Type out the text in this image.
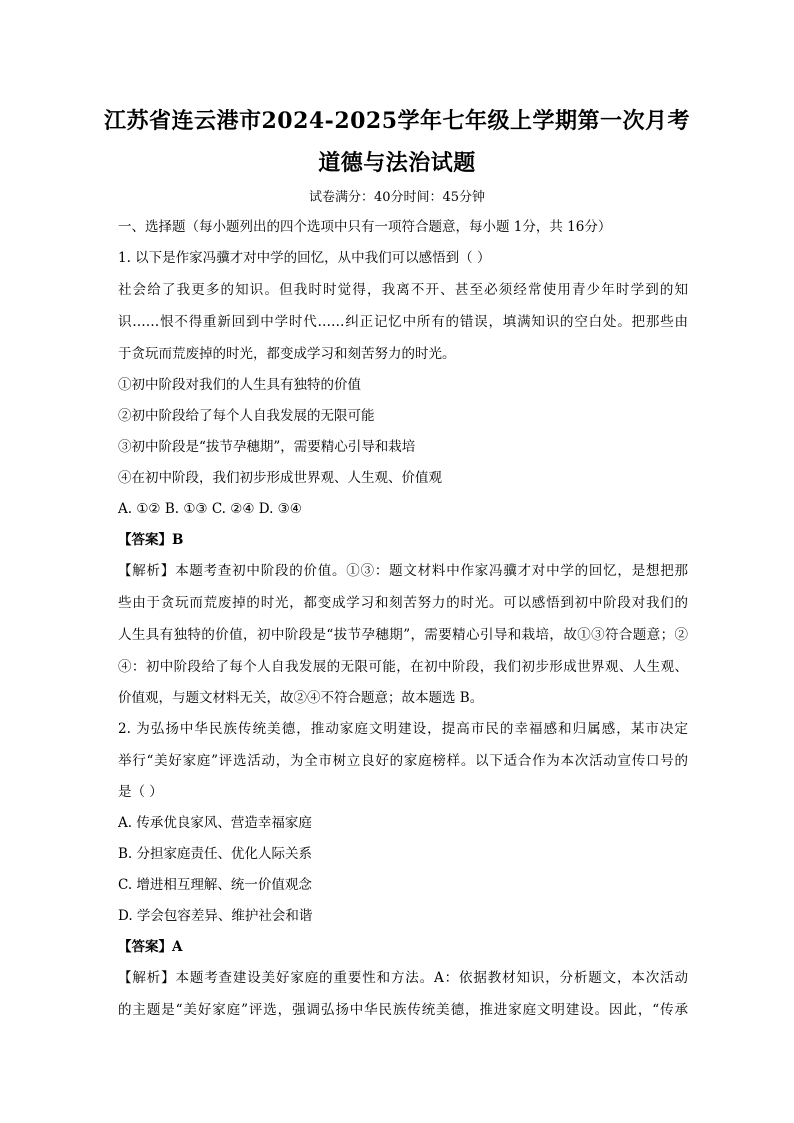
江苏省连云港市2024-2025学年七年级上学期第一次月考
道德与法治试题
试卷满分：40分时间：45分钟
一、选择题（每小题列出的四个选项中只有一项符合题意，每小题 1分，共 16分）
1. 以下是作家冯骥才对中学的回忆，从中我们可以感悟到（ ）
社会给了我更多的知识。但我时时觉得，我离不开、甚至必须经常使用青少年时学到的知
识……恨不得重新回到中学时代……纠正记忆中所有的错误，填满知识的空白处。把那些由
于贪玩而荒废掉的时光，都变成学习和刻苦努力的时光。
①初中阶段对我们的人生具有独特的价值
②初中阶段给了每个人自我发展的无限可能
③初中阶段是“拔节孕穗期”，需要精心引导和栽培
④在初中阶段，我们初步形成世界观、人生观、价值观
A. ①② B. ①③ C. ②④ D. ③④
【答案】B
【解析】本题考查初中阶段的价值。①③：题文材料中作家冯骥才对中学的回忆，是想把那
些由于贪玩而荒废掉的时光，都变成学习和刻苦努力的时光。可以感悟到初中阶段对我们的
人生具有独特的价值，初中阶段是“拔节孕穗期”，需要精心引导和栽培，故①③符合题意；②
④：初中阶段给了每个人自我发展的无限可能，在初中阶段，我们初步形成世界观、人生观、
价值观，与题文材料无关，故②④不符合题意；故本题选 B。
2. 为弘扬中华民族传统美德，推动家庭文明建设，提高市民的幸福感和归属感，某市决定
举行“美好家庭”评选活动，为全市树立良好的家庭榜样。以下适合作为本次活动宣传口号的
是（ ）
A. 传承优良家风、营造幸福家庭
B. 分担家庭责任、优化人际关系
C. 增进相互理解、统一价值观念
D. 学会包容差异、维护社会和谐
【答案】A
【解析】本题考查建设美好家庭的重要性和方法。A：依据教材知识，分析题文，本次活动
的主题是“美好家庭”评选，强调弘扬中华民族传统美德，推进家庭文明建设。因此，“传承
